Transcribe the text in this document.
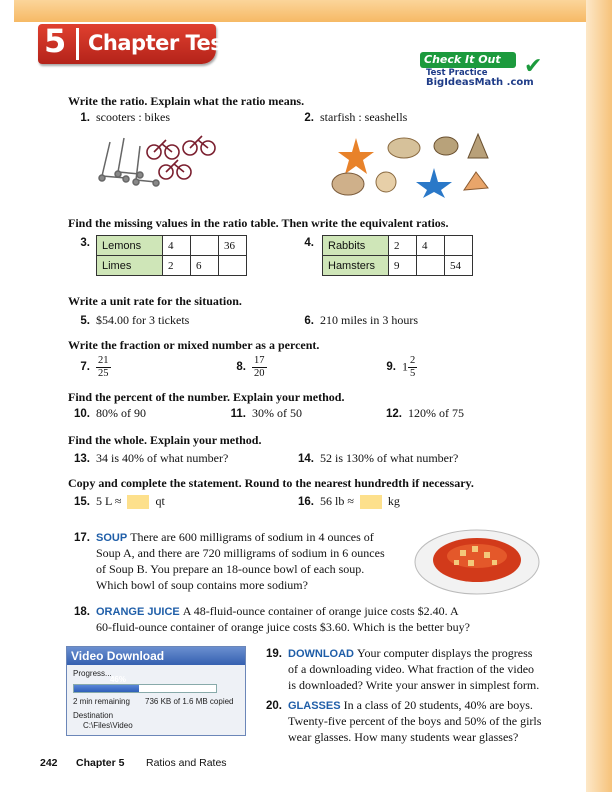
5 Chapter Test
Check It Out
Test Practice
BigIdeasMath .com
✔
Write the ratio. Explain what the ratio means.
1. scooters : bikes	2. starfish : seashells
Find the missing values in the ratio table. Then write the equivalent ratios.
3.	Lemons	4		36
Limes	2	6	
4.	Rabbits	2	4	
Hamsters	9		54
Write a unit rate for the situation.
5. $54.00 for 3 tickets	6. 210 miles in 3 hours
Write the fraction or mixed number as a percent.
7. $\frac{21}{25}$	8. $\frac{17}{20}$	9. $1 \frac{2}{5}$
Find the percent of the number. Explain your method.
10. 80% of 90	11. 30% of 50	12. 120% of 75
Find the whole. Explain your method.
13. 34 is 40% of what number?	14. 52 is 130% of what number?
Copy and complete the statement. Round to the nearest hundredth if necessary.
15. 5 L ≈	qt	16. 56 lb ≈	kg
17. SOUP There are 600 milligrams of sodium in 4 ounces of
Soup A, and there are 720 milligrams of sodium in 6 ounces
of Soup B. You prepare an 18-ounce bowl of each soup.
Which bowl of soup contains more sodium?
18. ORANGE JUICE A 48-fluid-ounce container of orange juice costs $2.40. A
60-fluid-ounce container of orange juice costs $3.60. Which is the better buy?
Video Download
Progress...
46%
2 min remaining 736 KB of 1.6 MB copied
Destination
C:\Files\Video
19. DOWNLOAD Your computer displays the progress
of a downloading video. What fraction of the video
is downloaded? Write your answer in simplest form.
20. GLASSES In a class of 20 students, 40% are boys.
Twenty-five percent of the boys and 50% of the girls
wear glasses. How many students wear glasses?
242 Chapter 5 Ratios and Rates
